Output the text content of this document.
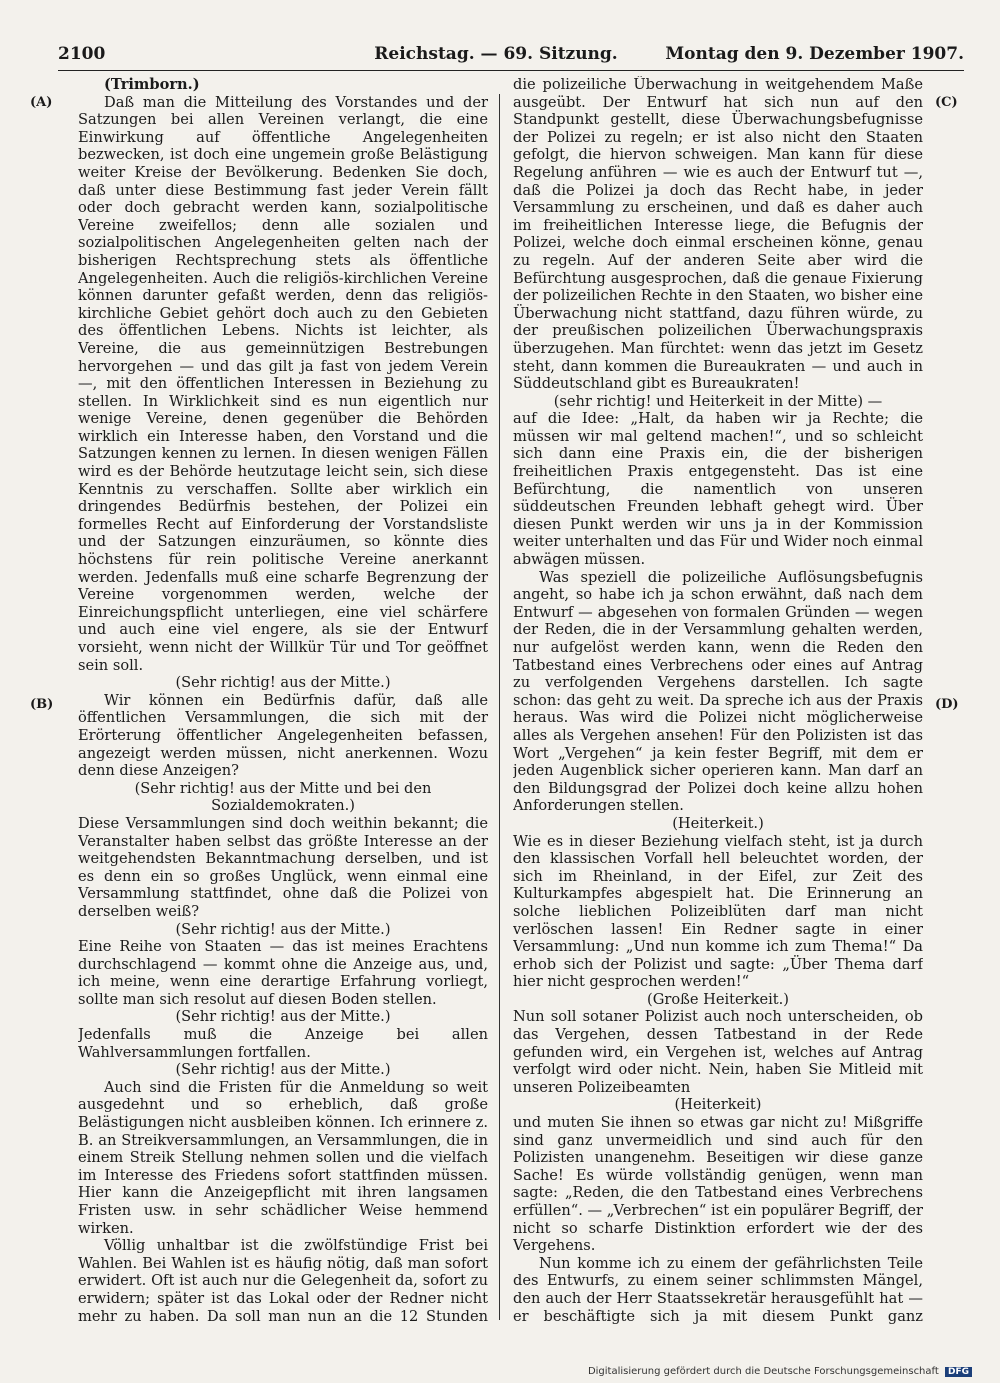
2100	Reichstag. — 69. Sitzung.	Montag den 9. Dezember 1907.
(A)
(B)
(C)
(D)

(Trimborn.)

Daß man die Mitteilung des Vorstandes und der Satzungen bei allen Vereinen verlangt, die eine Einwirkung auf öffentliche Angelegenheiten bezwecken, ist doch eine ungemein große Belästigung weiter Kreise der Bevölkerung. Bedenken Sie doch, daß unter diese Bestimmung fast jeder Verein fällt oder doch gebracht werden kann, sozialpolitische Vereine zweifellos; denn alle sozialen und sozialpolitischen Angelegenheiten gelten nach der bisherigen Rechtsprechung stets als öffentliche Angelegenheiten. Auch die religiös-kirchlichen Vereine können darunter gefaßt werden, denn das religiös-kirchliche Gebiet gehört doch auch zu den Gebieten des öffentlichen Lebens. Nichts ist leichter, als Vereine, die aus gemeinnützigen Bestrebungen hervorgehen — und das gilt ja fast von jedem Verein —, mit den öffentlichen Interessen in Beziehung zu stellen. In Wirklichkeit sind es nun eigentlich nur wenige Vereine, denen gegenüber die Behörden wirklich ein Interesse haben, den Vorstand und die Satzungen kennen zu lernen. In diesen wenigen Fällen wird es der Behörde heutzutage leicht sein, sich diese Kenntnis zu verschaffen. Sollte aber wirklich ein dringendes Bedürfnis bestehen, der Polizei ein formelles Recht auf Einforderung der Vorstandsliste und der Satzungen einzuräumen, so könnte dies höchstens für rein politische Vereine anerkannt werden. Jedenfalls muß eine scharfe Begrenzung der Vereine vorgenommen werden, welche der Einreichungspflicht unterliegen, eine viel schärfere und auch eine viel engere, als sie der Entwurf vorsieht, wenn nicht der Willkür Tür und Tor geöffnet sein soll.

(Sehr richtig! aus der Mitte.)

Wir können ein Bedürfnis dafür, daß alle öffentlichen Versammlungen, die sich mit der Erörterung öffentlicher Angelegenheiten befassen, angezeigt werden müssen, nicht anerkennen. Wozu denn diese Anzeigen?

(Sehr richtig! aus der Mitte und bei den Sozialdemokraten.)

Diese Versammlungen sind doch weithin bekannt; die Veranstalter haben selbst das größte Interesse an der weitgehendsten Bekanntmachung derselben, und ist es denn ein so großes Unglück, wenn einmal eine Versammlung stattfindet, ohne daß die Polizei von derselben weiß?

(Sehr richtig! aus der Mitte.)

Eine Reihe von Staaten — das ist meines Erachtens durchschlagend — kommt ohne die Anzeige aus, und, ich meine, wenn eine derartige Erfahrung vorliegt, sollte man sich resolut auf diesen Boden stellen.

(Sehr richtig! aus der Mitte.)

Jedenfalls muß die Anzeige bei allen Wahlversammlungen fortfallen.

(Sehr richtig! aus der Mitte.)

Auch sind die Fristen für die Anmeldung so weit ausgedehnt und so erheblich, daß große Belästigungen nicht ausbleiben können. Ich erinnere z. B. an Streikversammlungen, an Versammlungen, die in einem Streik Stellung nehmen sollen und die vielfach im Interesse des Friedens sofort stattfinden müssen. Hier kann die Anzeigepflicht mit ihren langsamen Fristen usw. in sehr schädlicher Weise hemmend wirken.

Völlig unhaltbar ist die zwölfstündige Frist bei Wahlen. Bei Wahlen ist es häufig nötig, daß man sofort erwidert. Oft ist auch nur die Gelegenheit da, sofort zu erwidern; später ist das Lokal oder der Redner nicht mehr zu haben. Da soll man nun an die 12 Stunden

die polizeiliche Überwachung in weitgehendem Maße ausgeübt. Der Entwurf hat sich nun auf den Standpunkt gestellt, diese Überwachungsbefugnisse der Polizei zu regeln; er ist also nicht den Staaten gefolgt, die hiervon schweigen. Man kann für diese Regelung anführen — wie es auch der Entwurf tut —, daß die Polizei ja doch das Recht habe, in jeder Versammlung zu erscheinen, und daß es daher auch im freiheitlichen Interesse liege, die Befugnis der Polizei, welche doch einmal erscheinen könne, genau zu regeln. Auf der anderen Seite aber wird die Befürchtung ausgesprochen, daß die genaue Fixierung der polizeilichen Rechte in den Staaten, wo bisher eine Überwachung nicht stattfand, dazu führen würde, zu der preußischen polizeilichen Überwachungspraxis überzugehen. Man fürchtet: wenn das jetzt im Gesetz steht, dann kommen die Bureaukraten — und auch in Süddeutschland gibt es Bureaukraten!

(sehr richtig! und Heiterkeit in der Mitte) —

auf die Idee: „Halt, da haben wir ja Rechte; die müssen wir mal geltend machen!“, und so schleicht sich dann eine Praxis ein, die der bisherigen freiheitlichen Praxis entgegensteht. Das ist eine Befürchtung, die namentlich von unseren süddeutschen Freunden lebhaft gehegt wird. Über diesen Punkt werden wir uns ja in der Kommission weiter unterhalten und das Für und Wider noch einmal abwägen müssen.

Was speziell die polizeiliche Auflösungsbefugnis angeht, so habe ich ja schon erwähnt, daß nach dem Entwurf — abgesehen von formalen Gründen — wegen der Reden, die in der Versammlung gehalten werden, nur aufgelöst werden kann, wenn die Reden den Tatbestand eines Verbrechens oder eines auf Antrag zu verfolgenden Vergehens darstellen. Ich sagte schon: das geht zu weit. Da spreche ich aus der Praxis heraus. Was wird die Polizei nicht möglicherweise alles als Vergehen ansehen! Für den Polizisten ist das Wort „Vergehen“ ja kein fester Begriff, mit dem er jeden Augenblick sicher operieren kann. Man darf an den Bildungsgrad der Polizei doch keine allzu hohen Anforderungen stellen.

(Heiterkeit.)

Wie es in dieser Beziehung vielfach steht, ist ja durch den klassischen Vorfall hell beleuchtet worden, der sich im Rheinland, in der Eifel, zur Zeit des Kulturkampfes abgespielt hat. Die Erinnerung an solche lieblichen Polizeiblüten darf man nicht verlöschen lassen! Ein Redner sagte in einer Versammlung: „Und nun komme ich zum Thema!“ Da erhob sich der Polizist und sagte: „Über Thema darf hier nicht gesprochen werden!“

(Große Heiterkeit.)

Nun soll sotaner Polizist auch noch unterscheiden, ob das Vergehen, dessen Tatbestand in der Rede gefunden wird, ein Vergehen ist, welches auf Antrag verfolgt wird oder nicht. Nein, haben Sie Mitleid mit unseren Polizeibeamten

(Heiterkeit)

und muten Sie ihnen so etwas gar nicht zu! Mißgriffe sind ganz unvermeidlich und sind auch für den Polizisten unangenehm. Beseitigen wir diese ganze Sache! Es würde vollständig genügen, wenn man sagte: „Reden, die den Tatbestand eines Verbrechens erfüllen“. — „Verbrechen“ ist ein populärer Begriff, der nicht so scharfe Distinktion erfordert wie der des Vergehens.

Nun komme ich zu einem der gefährlichsten Teile des Entwurfs, zu einem seiner schlimmsten Mängel, den auch der Herr Staatssekretär herausgefühlt hat — er beschäftigte sich ja mit diesem Punkt ganz

Digitalisierung gefördert durch die Deutsche Forschungsgemeinschaft DFG
